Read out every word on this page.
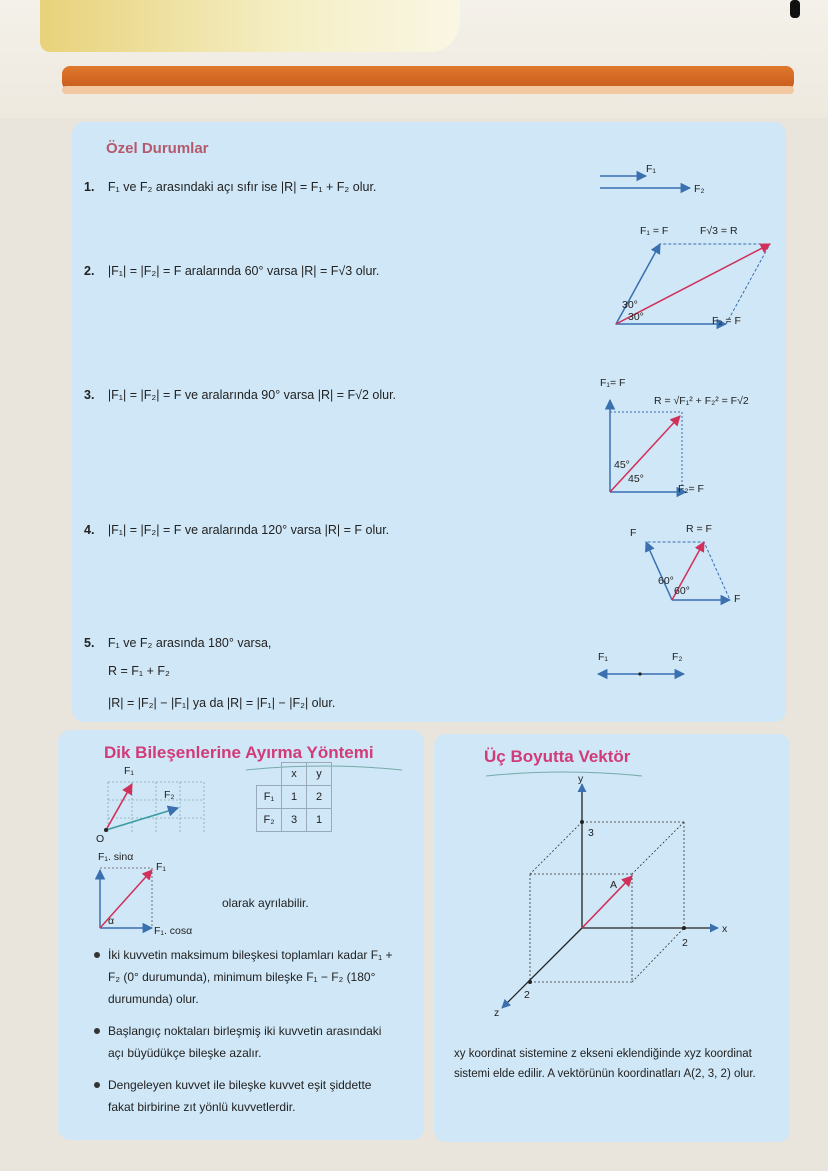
Özel Durumlar
1. F₁ ve F₂ arasındaki açı sıfır ise |R| = F₁ + F₂ olur.
2. |F₁| = |F₂| = F aralarında 60° varsa |R| = F√3 olur.
3. |F₁| = |F₂| = F ve aralarında 90° varsa |R| = F√2 olur.
4. |F₁| = |F₂| = F ve aralarında 120° varsa |R| = F olur.
5. F₁ ve F₂ arasında 180° varsa,
R = F₁ + F₂
|R| = |F₂| − |F₁| ya da |R| = |F₁| − |F₂| olur.
F₁
F₂
F₁ = F	F√3 = R
F₂ = F
30°
30°
F₁= F
R = √F₁² + F₂² = F√2
F₂= F
45°
45°
F	R = F
F
60°
60°
F₁	F₂
Dik Bileşenlerine Ayırma Yöntemi
F₁
F₂
O
	x	y
F₁	1	2
F₂	3	1
F₁. sinα
F₁
F₁. cosα
α
olarak ayrılabilir.
İki kuvvetin maksimum bileşkesi toplamları kadar F₁ + F₂ (0° durumunda), minimum bileşke F₁ − F₂ (180° durumunda) olur.
Başlangıç noktaları birleşmiş iki kuvvetin arasındaki açı büyüdükçe bileşke azalır.
Dengeleyen kuvvet ile bileşke kuvvet eşit şiddette fakat birbirine zıt yönlü kuvvetlerdir.
Üç Boyutta Vektör
y
x
z
3
2
2
A
xy koordinat sistemine z ekseni eklendiğinde xyz koordinat sistemi elde edilir. A vektörünün koordinatları A(2, 3, 2) olur.
